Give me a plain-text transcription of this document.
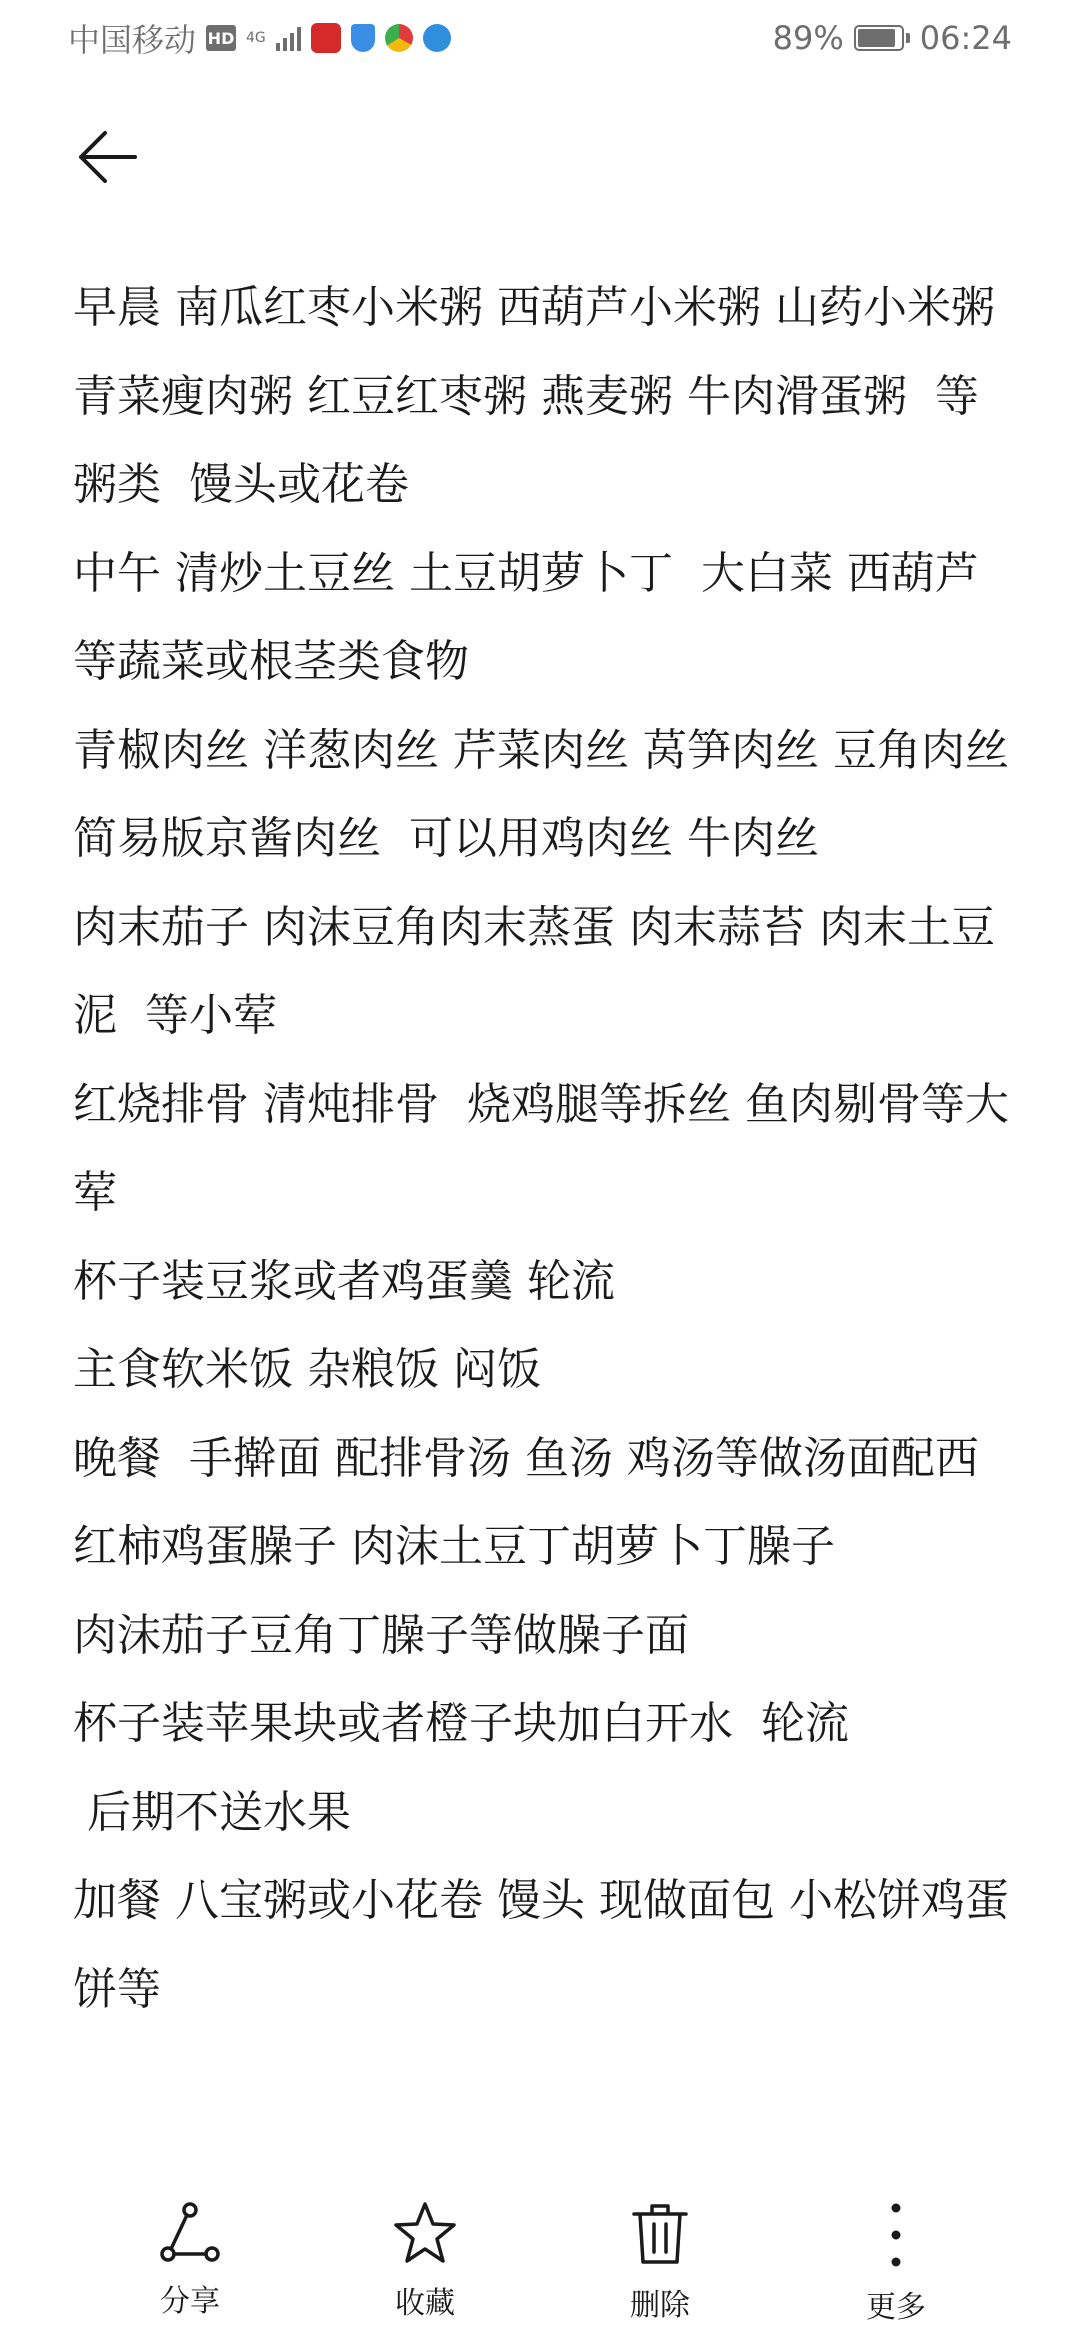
中国移动 HD 4G	89% 06:24
早晨 南瓜红枣小米粥 西葫芦小米粥 山药小米粥  青菜瘦肉粥 红豆红枣粥 燕麦粥 牛肉滑蛋粥  等粥类  馒头或花卷
中午 清炒土豆丝 土豆胡萝卜丁  大白菜 西葫芦 等蔬菜或根茎类食物
青椒肉丝 洋葱肉丝 芹菜肉丝 莴笋肉丝 豆角肉丝 简易版京酱肉丝  可以用鸡肉丝 牛肉丝
肉末茄子 肉沫豆角肉末蒸蛋 肉末蒜苔 肉末土豆泥  等小荤
红烧排骨 清炖排骨  烧鸡腿等拆丝 鱼肉剔骨等大荤
杯子装豆浆或者鸡蛋羹 轮流
主食软米饭 杂粮饭 闷饭
晚餐  手擀面 配排骨汤 鱼汤 鸡汤等做汤面配西红柿鸡蛋臊子 肉沫土豆丁胡萝卜丁臊子
肉沫茄子豆角丁臊子等做臊子面
杯子装苹果块或者橙子块加白开水  轮流
后期不送水果
加餐 八宝粥或小花卷 馒头 现做面包 小松饼鸡蛋饼等
分享	收藏	删除	更多
